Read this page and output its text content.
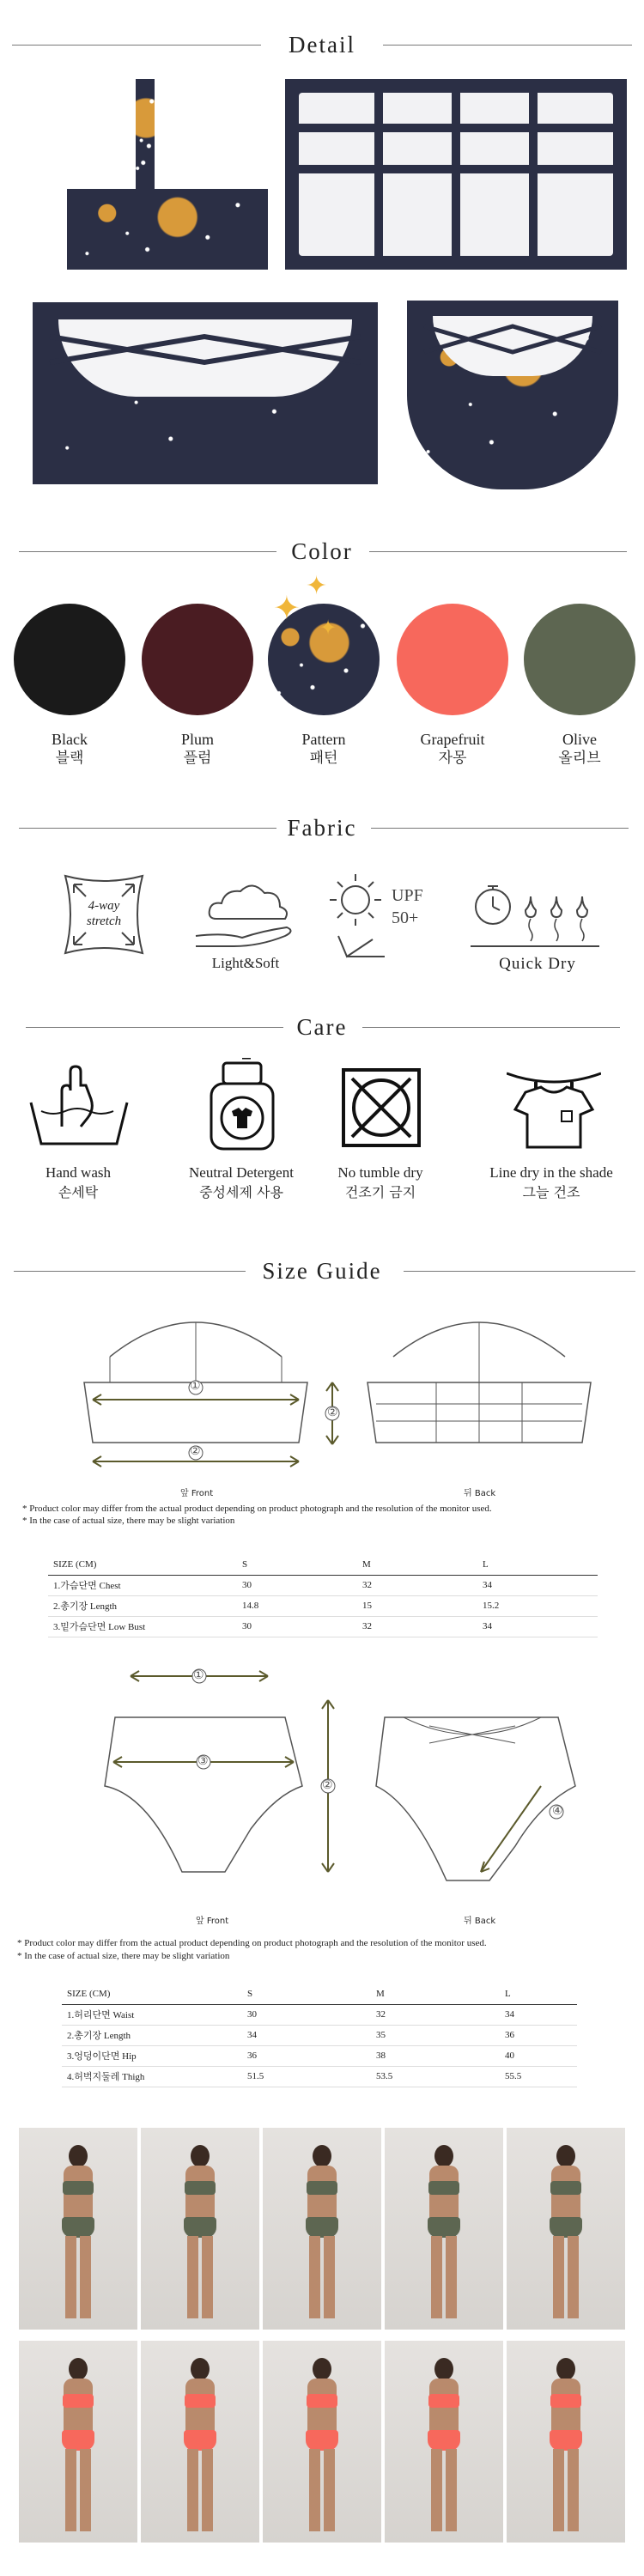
Detail
Color
✦
✦
✦
Black
블랙
Plum
플럼
Pattern
패턴
Grapefruit
자몽
Olive
올리브
Fabric
4-way stretch
Light&Soft
UPF
50+
Quick Dry
Care
Hand wash
손세탁
Neutral Detergent
중성세제 사용
No tumble dry
건조기 금지
Line dry in the shade
그늘 건조
Size Guide
①
②
②
앞 Front	뒤 Back
* Product color may differ from the actual product depending on product photograph and the resolution of the monitor used.
* In the case of actual size, there may be slight variation
SIZE (CM)	S	M	L
1.가슴단면 Chest	30	32	34
2.총기장 Length	14.8	15	15.2
3.밑가슴단면 Low Bust	30	32	34
①
③
②
앞 Front
④
뒤 Back
* Product color may differ from the actual product depending on product photograph and the resolution of the monitor used.
* In the case of actual size, there may be slight variation
SIZE (CM)	S	M	L
1.허리단면 Waist	30	32	34
2.총기장 Length	34	35	36
3.엉덩이단면 Hip	36	38	40
4.허벅지둘레 Thigh	51.5	53.5	55.5
